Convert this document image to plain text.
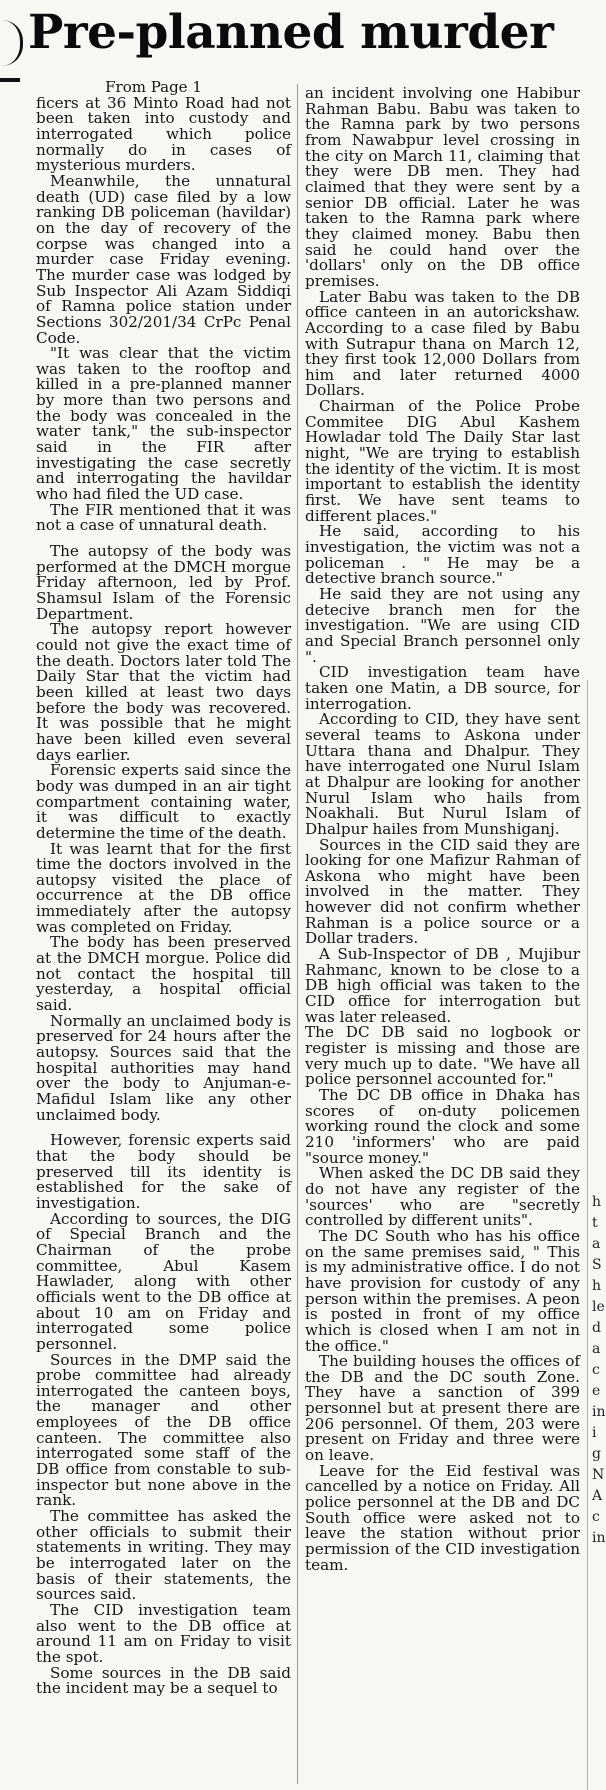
Pre-planned murder
From Page 1

ficers at 36 Minto Road had not been taken into custody and interrogated which police normally do in cases of mysterious murders.

Meanwhile, the unnatural death (UD) case filed by a low ranking DB policeman (havildar) on the day of recovery of the corpse was changed into a murder case Friday evening. The murder case was lodged by Sub Inspector Ali Azam Siddiqi of Ramna police station under Sections 302/201/34 CrPc Penal Code.

"It was clear that the victim was taken to the rooftop and killed in a pre-planned manner by more than two persons and the body was concealed in the water tank," the sub-inspector said in the FIR after investigating the case secretly and interrogating the havildar who had filed the UD case.

The FIR mentioned that it was not a case of unnatural death.

The autopsy of the body was performed at the DMCH morgue Friday afternoon, led by Prof. Shamsul Islam of the Forensic Department.

The autopsy report however could not give the exact time of the death. Doctors later told The Daily Star that the victim had been killed at least two days before the body was recovered. It was possible that he might have been killed even several days earlier.

Forensic experts said since the body was dumped in an air tight compartment containing water, it was difficult to exactly determine the time of the death.

It was learnt that for the first time the doctors involved in the autopsy visited the place of occurrence at the DB office immediately after the autopsy was completed on Friday.

The body has been preserved at the DMCH morgue. Police did not contact the hospital till yesterday, a hospital official said.

Normally an unclaimed body is preserved for 24 hours after the autopsy. Sources said that the hospital authorities may hand over the body to Anjuman-e-Mafidul Islam like any other unclaimed body.

However, forensic experts said that the body should be preserved till its identity is established for the sake of investigation.

According to sources, the DIG of Special Branch and the Chairman of the probe committee, Abul Kasem Hawlader, along with other officials went to the DB office at about 10 am on Friday and interrogated some police personnel.

Sources in the DMP said the probe committee had already interrogated the canteen boys, the manager and other employees of the DB office canteen. The committee also interrogated some staff of the DB office from constable to sub-inspector but none above in the rank.

The committee has asked the other officials to submit their statements in writing. They may be interrogated later on the basis of their statements, the sources said.

The CID investigation team also went to the DB office at around 11 am on Friday to visit the spot.

Some sources in the DB said the incident may be a sequel to

an incident involving one Habibur Rahman Babu. Babu was taken to the Ramna park by two persons from Nawabpur level crossing in the city on March 11, claiming that they were DB men. They had claimed that they were sent by a senior DB official. Later he was taken to the Ramna park where they claimed money. Babu then said he could hand over the 'dollars' only on the DB office premises.

Later Babu was taken to the DB office canteen in an autorickshaw. According to a case filed by Babu with Sutrapur thana on March 12, they first took 12,000 Dollars from him and later returned 4000 Dollars.

Chairman of the Police Probe Commitee DIG Abul Kashem Howladar told The Daily Star last night, "We are trying to establish the identity of the victim. It is most important to establish the identity first. We have sent teams to different places."

He said, according to his investigation, the victim was not a policeman . " He may be a detective branch source."

He said they are not using any detecive branch men for the investigation. "We are using CID and Special Branch personnel only ".

CID investigation team have taken one Matin, a DB source, for interrogation.

According to CID, they have sent several teams to Askona under Uttara thana and Dhalpur. They have interrogated one Nurul Islam at Dhalpur are looking for another Nurul Islam who hails from Noakhali. But Nurul Islam of Dhalpur hailes from Munshiganj.

Sources in the CID said they are looking for one Mafizur Rahman of Askona who might have been involved in the matter. They however did not confirm whether Rahman is a police source or a Dollar traders.

A Sub-Inspector of DB , Mujibur Rahmanc, known to be close to a DB high official was taken to the CID office for interrogation but was later released.

The DC DB said no logbook or register is missing and those are very much up to date. "We have all police personnel accounted for."

The DC DB office in Dhaka has scores of on-duty policemen working round the clock and some 210 'informers' who are paid "source money."

When asked the DC DB said they do not have any register of the 'sources' who are "secretly controlled by different units".

The DC South who has his office on the same premises said, " This is my administrative office. I do not have provision for custody of any person within the premises. A peon is posted in front of my office which is closed when I am not in the office."

The building houses the offices of the DB and the DC south Zone. They have a sanction of 399 personnel but at present there are 206 personnel. Of them, 203 were present on Friday and three were on leave.

Leave for the Eid festival was cancelled by a notice on Friday. All police personnel at the DB and DC South office were asked not to leave the station without prior permission of the CID investigation team.

h
t
a
S
h
le
d
a
c
e
in
i
g
N
A
c
in
